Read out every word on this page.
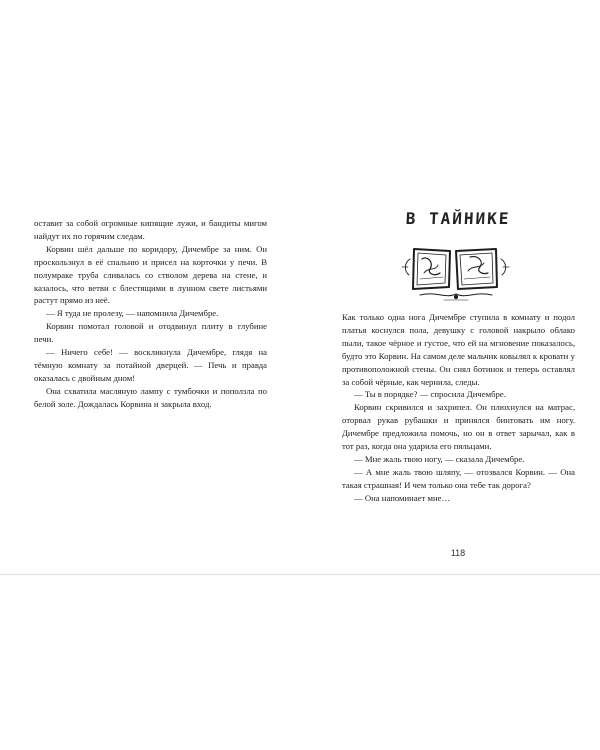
оставит за собой огромные кипящие лужи, и бандиты мигом найдут их по горячим следам.

Корвин шёл дальше по коридору, Дичембре за ним. Он проскользнул в её спальню и присел на корточки у печи. В полумраке труба сливалась со стволом дерева на стене, и казалось, что ветви с блестящими в лунном свете листьями растут прямо из неё.

— Я туда не пролезу, — напомнила Дичембре.

Корвин помотал головой и отодвинул плиту в глубине печи.

— Ничего себе! — воскликнула Дичембре, глядя на тёмную комнату за потайной дверцей. — Печь и правда оказалась с двойным дном!

Она схватила масляную лампу с тумбочки и поползла по белой золе. Дождалась Корвина и закрыла вход.

В ТАЙНИКЕ

Как только одна нога Дичембре ступила в комнату и подол платья коснулся пола, девушку с головой накрыло облако пыли, такое чёрное и густое, что ей на мгновение показалось, будто это Корвин. На самом деле мальчик ковылял к кровати у противоположной стены. Он снял ботинок и теперь оставлял за собой чёрные, как чернила, следы.

— Ты в порядке? — спросила Дичембре.

Корвин скривился и захрипел. Он плюхнулся на матрас, оторвал рукав рубашки и принялся бинтовать им ногу. Дичембре предложила помочь, но он в ответ зарычал, как в тот раз, когда она ударила его пяльцами.

— Мне жаль твою ногу, — сказала Дичембре.

— А мне жаль твою шляпу, — отозвался Корвин. — Она такая страшная! И чем только она тебе так дорога?

— Она напоминает мне…

118
